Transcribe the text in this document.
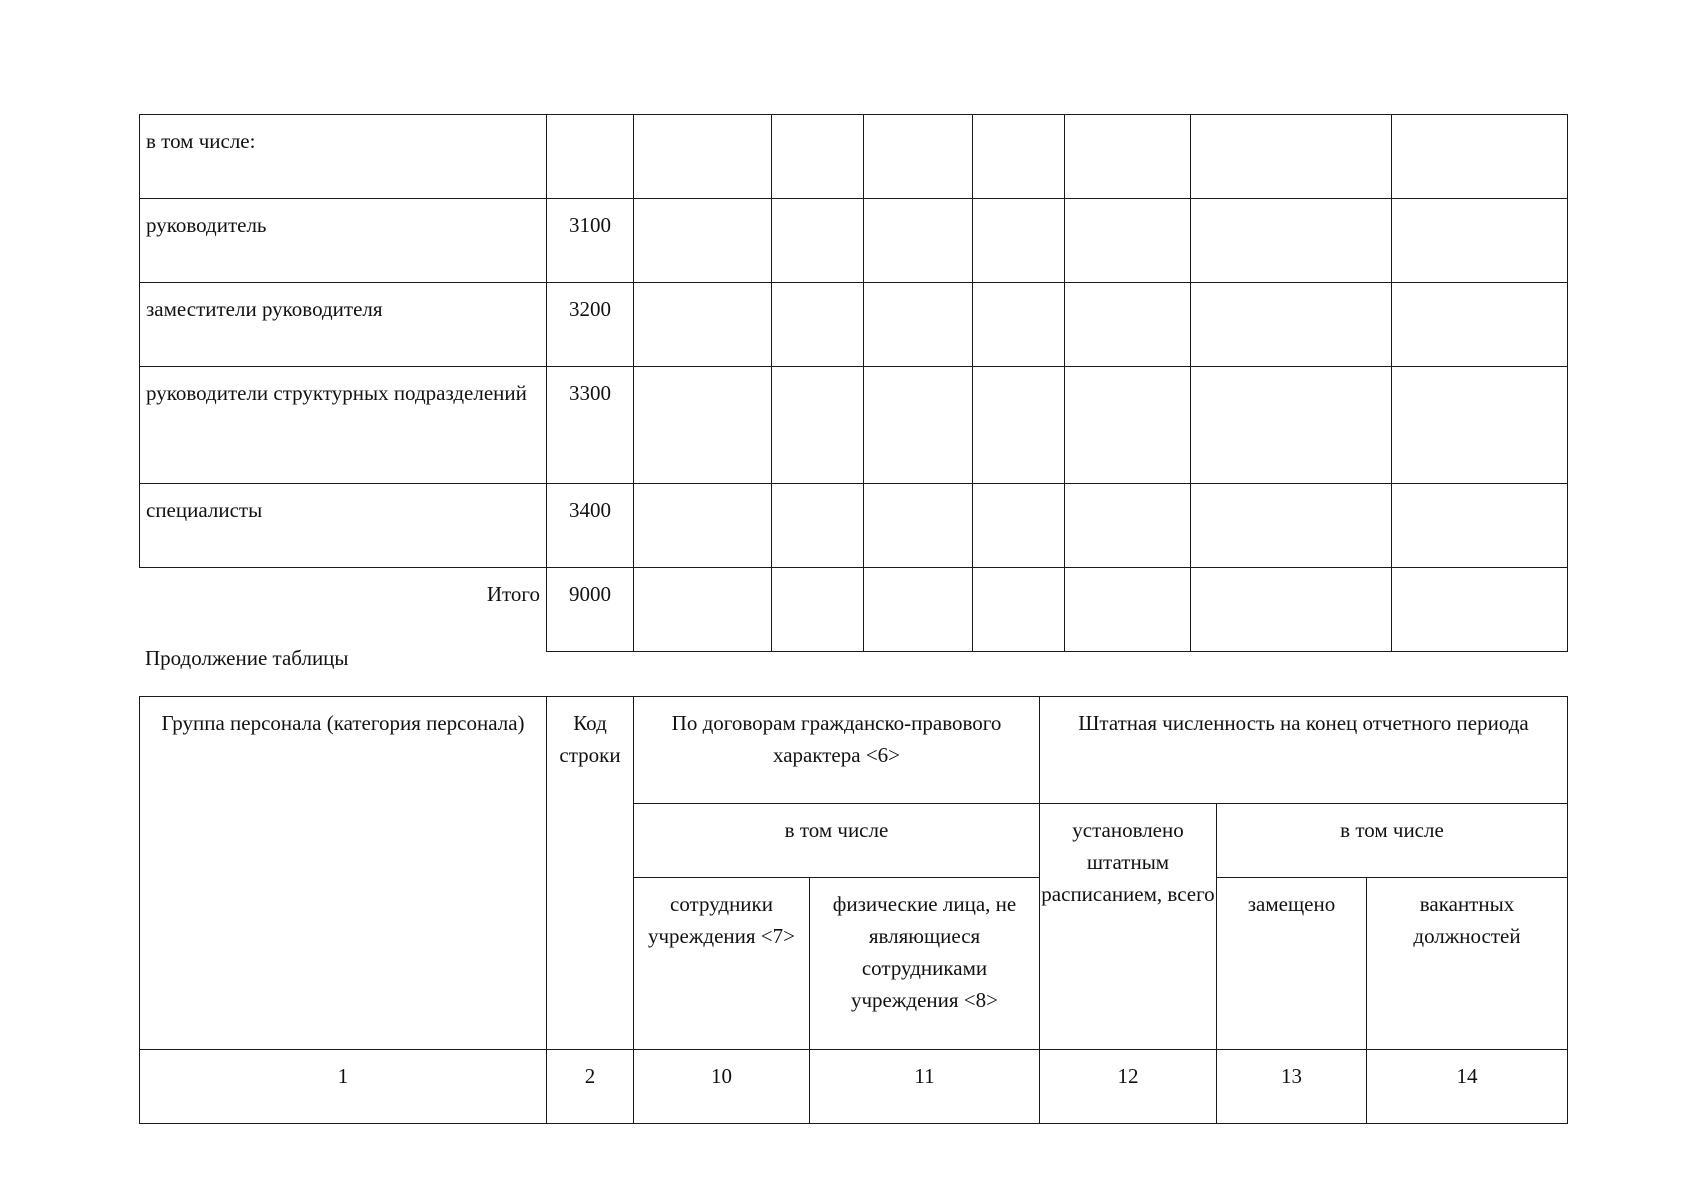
в том числе:								
руководитель	3100							
заместители руководителя	3200							
руководители структурных подразделений	3300							
специалисты	3400							
Итого	9000							
Продолжение таблицы
Группа персонала (категория персонала)	Код строки	По договорам гражданско-правового характера <6>		Штатная численность на конец отчетного периода		
		в том числе		установлено штатным расписанием, всего	в том числе	
		сотрудники учреждения <7>	физические лица, не являющиеся сотрудниками учреждения <8>		замещено	вакантных должностей
1	2	10	11	12	13	14
